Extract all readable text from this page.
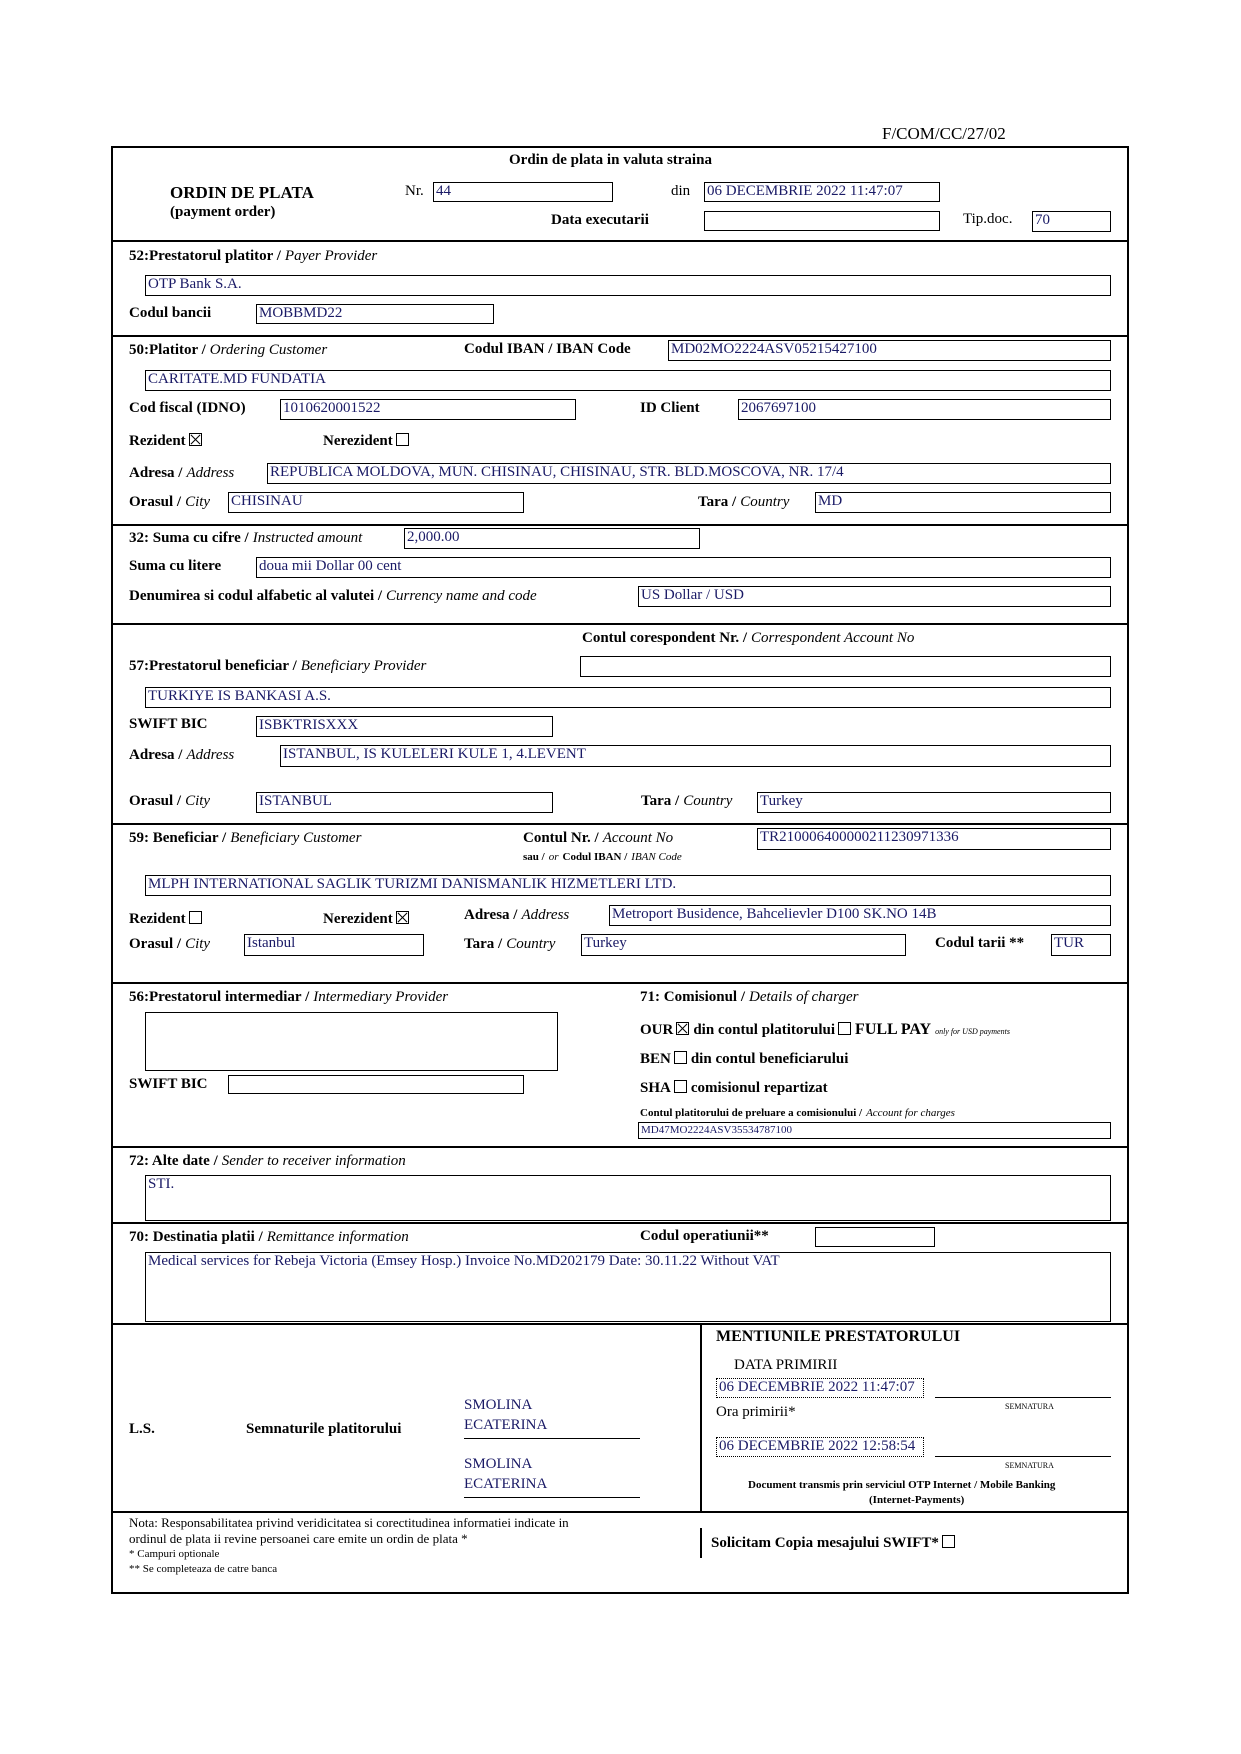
F/COM/CC/27/02
Ordin de plata in valuta straina
ORDIN DE PLATA
(payment order)
Nr. 44	din 06 DECEMBRIE 2022 11:47:07
Data executarii	Tip.doc. 70
52:Prestatorul platitor / Payer Provider
OTP Bank S.A.
Codul bancii	MOBBMD22
50:Platitor / Ordering Customer	Codul IBAN / IBAN Code	MD02MO2224ASV05215427100
CARITATE.MD FUNDATIA
Cod fiscal (IDNO) 1010620001522	ID Client	2067697100
Rezident	Nerezident
Adresa / Address REPUBLICA MOLDOVA, MUN. CHISINAU, CHISINAU, STR. BLD.MOSCOVA, NR. 17/4
Orasul / City CHISINAU	Tara / Country MD
32: Suma cu cifre / Instructed amount	2,000.00
Suma cu litere	doua mii Dollar 00 cent
Denumirea si codul alfabetic al valutei / Currency name and code	US Dollar / USD
Contul corespondent Nr. / Correspondent Account No
57:Prestatorul beneficiar / Beneficiary Provider
TURKIYE IS BANKASI A.S.
SWIFT BIC	ISBKTRISXXX
Adresa / Address	ISTANBUL, IS KULELERI KULE 1, 4.LEVENT
Orasul / City	ISTANBUL	Tara / Country Turkey
59: Beneficiar / Beneficiary Customer	Contul Nr. / Account No
sau / or Codul IBAN / IBAN Code
TR210006400000211230971336
MLPH INTERNATIONAL SAGLIK TURIZMI DANISMANLIK HIZMETLERI LTD.
Rezident	Nerezident	Adresa / Address	Metroport Busidence, Bahcelievler D100 SK.NO 14B
Orasul / City Istanbul	Tara / Country Turkey	Codul tarii ** TUR
56:Prestatorul intermediar / Intermediary Provider
SWIFT BIC
71: Comisionul / Details of charger
OUR din contul platitorului FULL PAY only for USD payments
BEN din contul beneficiarului
SHA comisionul repartizat
Contul platitorului de preluare a comisionului / Account for charges
MD47MO2224ASV35534787100
72: Alte date / Sender to receiver information
STI.
70: Destinatia platii / Remittance information	Codul operatiunii**
Medical services for Rebeja Victoria (Emsey Hosp.) Invoice No.MD202179 Date: 30.11.22 Without VAT
L.S.	Semnaturile platitorului
SMOLINA
ECATERINA
SMOLINA
ECATERINA
MENTIUNILE PRESTATORULUI
DATA PRIMIRII
06 DECEMBRIE 2022 11:47:07
SEMNATURA
Ora primirii*
06 DECEMBRIE 2022 12:58:54
SEMNATURA
Document transmis prin serviciul OTP Internet / Mobile Banking
(Internet-Payments)
Nota: Responsabilitatea privind veridicitatea si corectitudinea informatiei indicate in
ordinul de plata ii revine persoanei care emite un ordin de plata *
* Campuri optionale
** Se completeaza de catre banca
Solicitam Copia mesajului SWIFT*
